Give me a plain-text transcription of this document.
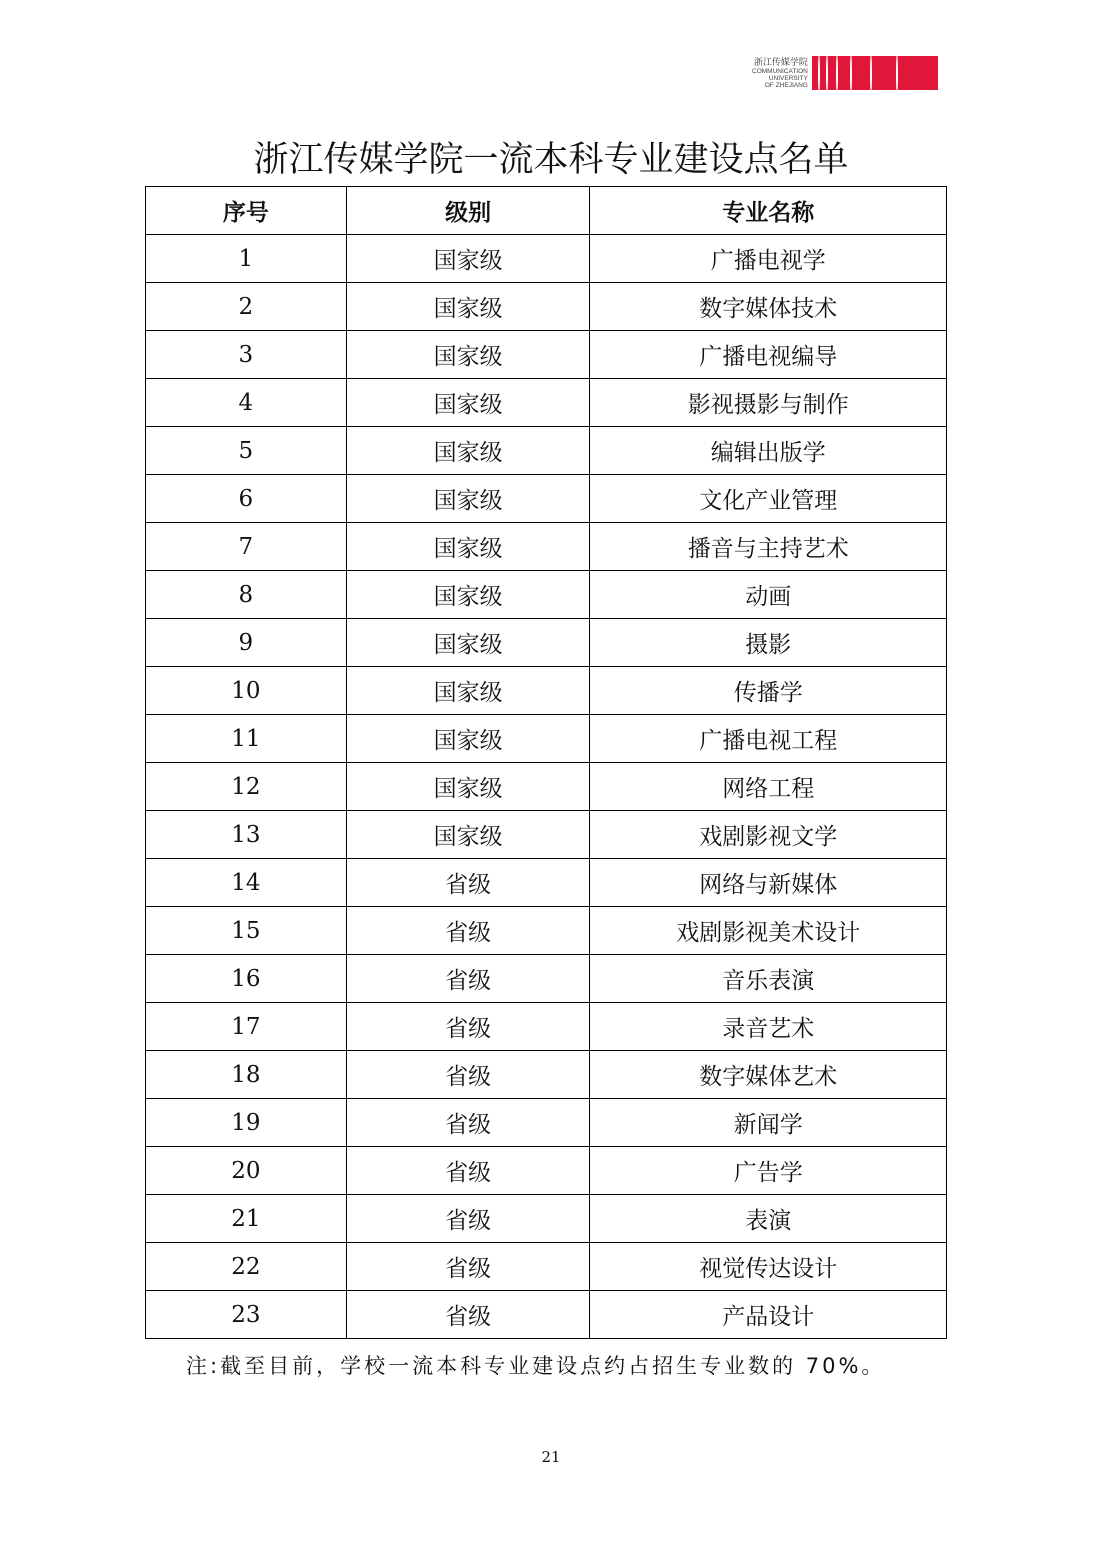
浙江传媒学院
COMMUNICATION
UNIVERSITY
OF ZHEJIANG
浙江传媒学院一流本科专业建设点名单
序号	级别	专业名称
1	国家级	广播电视学
2	国家级	数字媒体技术
3	国家级	广播电视编导
4	国家级	影视摄影与制作
5	国家级	编辑出版学
6	国家级	文化产业管理
7	国家级	播音与主持艺术
8	国家级	动画
9	国家级	摄影
10	国家级	传播学
11	国家级	广播电视工程
12	国家级	网络工程
13	国家级	戏剧影视文学
14	省级	网络与新媒体
15	省级	戏剧影视美术设计
16	省级	音乐表演
17	省级	录音艺术
18	省级	数字媒体艺术
19	省级	新闻学
20	省级	广告学
21	省级	表演
22	省级	视觉传达设计
23	省级	产品设计
注:截至目前，学校一流本科专业建设点约占招生专业数的 70%。
21
